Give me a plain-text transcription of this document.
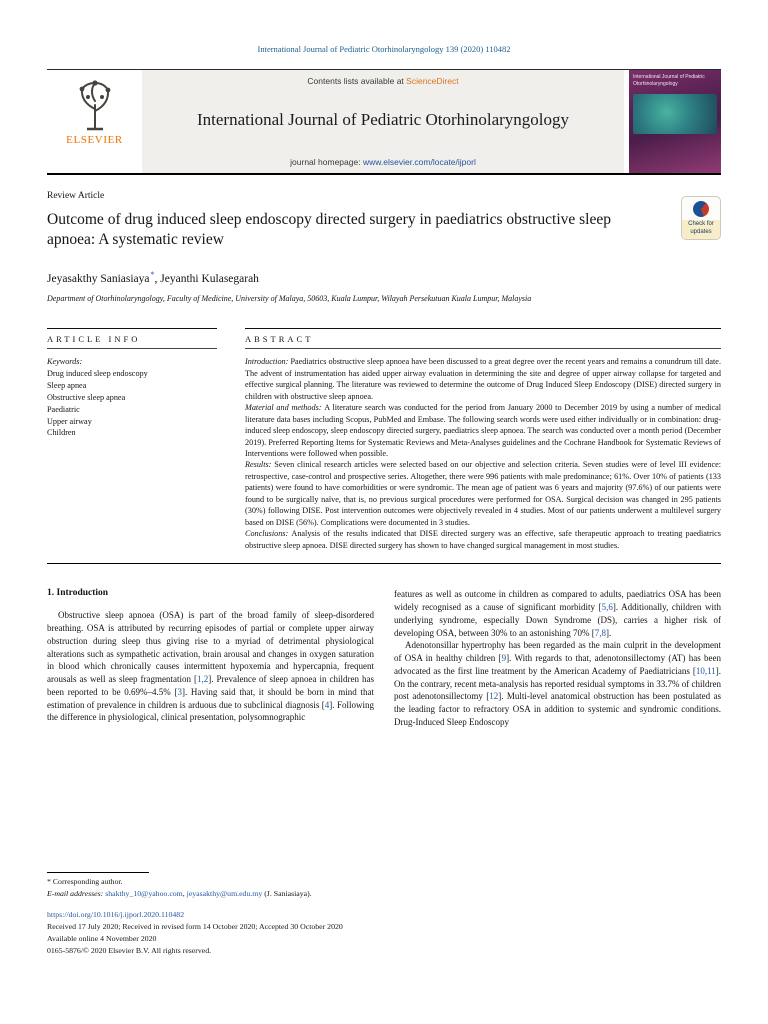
International Journal of Pediatric Otorhinolaryngology 139 (2020) 110482
ELSEVIER
Contents lists available at ScienceDirect
International Journal of Pediatric Otorhinolaryngology
journal homepage: www.elsevier.com/locate/ijporl
International Journal of Pediatric Otorhinolaryngology
Review Article
Outcome of drug induced sleep endoscopy directed surgery in paediatrics obstructive sleep apnoea: A systematic review
Check for
updates
Jeyasakthy Saniasiaya*, Jeyanthi Kulasegarah
Department of Otorhinolaryngology, Faculty of Medicine, University of Malaya, 50603, Kuala Lumpur, Wilayah Persekutuan Kuala Lumpur, Malaysia
ARTICLE INFO
Keywords:
Drug induced sleep endoscopy
Sleep apnea
Obstructive sleep apnea
Paediatric
Upper airway
Children
ABSTRACT

Introduction: Paediatrics obstructive sleep apnoea have been discussed to a great degree over the recent years and remains a conundrum till date. The advent of instrumentation has aided upper airway evaluation in determining the site and degree of upper airway collapse for targeted and effective surgical planning. The literature was reviewed to determine the outcome of Drug Induced Sleep Endoscopy (DISE) directed surgery in children with obstructive sleep apnoea.

Material and methods: A literature search was conducted for the period from January 2000 to December 2019 by using a number of medical literature data bases including Scopus, PubMed and Embase. The following search words were used either individually or in combination: drug-induced sleep endoscopy, sleep endoscopy directed surgery, paediatrics sleep apnoea. The search was conducted over a month period (December 2019). Preferred Reporting Items for Systematic Reviews and Meta-Analyses guidelines and the Cochrane Handbook for Systematic Reviews of Interventions were followed when possible.

Results: Seven clinical research articles were selected based on our objective and selection criteria. Seven studies were of level III evidence: retrospective, case-control and prospective series. Altogether, there were 996 patients with male predominance; 61%. Over 10% of patients (133 patients) were found to have comorbidities or were syndromic. The mean age of patient was 6 years and majority (97.6%) of our patients were found to be surgically naïve, that is, no previous surgical procedures were performed for OSA. Surgical decision was changed in 295 patients (30%) following DISE. Post intervention outcomes were objectively revealed in 4 studies. Most of our patients underwent a multilevel surgery based on DISE (56%). Complications were documented in 3 studies.

Conclusions: Analysis of the results indicated that DISE directed surgery was an effective, safe therapeutic approach to treating paediatrics obstructive sleep apnoea. DISE directed surgery has shown to have changed surgical management in most studies.

1. Introduction

Obstructive sleep apnoea (OSA) is part of the broad family of sleep-disordered breathing. OSA is attributed by recurring episodes of partial or complete upper airway obstruction during sleep thus giving rise to a myriad of detrimental physiological alterations such as sympathetic activation, brain arousal and changes in oxygen saturation in blood which chronically causes intermittent hypoxemia and hypercapnia, frequent arousals as well as sleep fragmentation [1,2]. Prevalence of sleep apnoea in children has been reported to be 0.69%–4.5% [3]. Having said that, it should be born in mind that estimation of prevalence in children is arduous due to subclinical diagnosis [4]. Following the difference in physiological, clinical presentation, polysomnographic

features as well as outcome in children as compared to adults, paediatrics OSA has been widely recognised as a cause of significant morbidity [5,6]. Additionally, children with underlying syndrome, especially Down Syndrome (DS), carries a higher risk of developing OSA, between 30% to an astonishing 70% [7,8].

Adenotonsillar hypertrophy has been regarded as the main culprit in the development of OSA in healthy children [9]. With regards to that, adenotonsillectomy (AT) has been advocated as the first line treatment by the American Academy of Paediatricians [10,11]. On the contrary, recent meta-analysis has reported residual symptoms in 33.7% of children post adenotonsillectomy [12]. Multi-level anatomical obstruction has been postulated as the leading factor to refractory OSA in addition to systemic and syndromic conditions. Drug-Induced Sleep Endoscopy

* Corresponding author.
E-mail addresses: shakthy_10@yahoo.com, jeyasakthy@um.edu.my (J. Saniasiaya).
https://doi.org/10.1016/j.ijporl.2020.110482
Received 17 July 2020; Received in revised form 14 October 2020; Accepted 30 October 2020
Available online 4 November 2020
0165-5876/© 2020 Elsevier B.V. All rights reserved.
